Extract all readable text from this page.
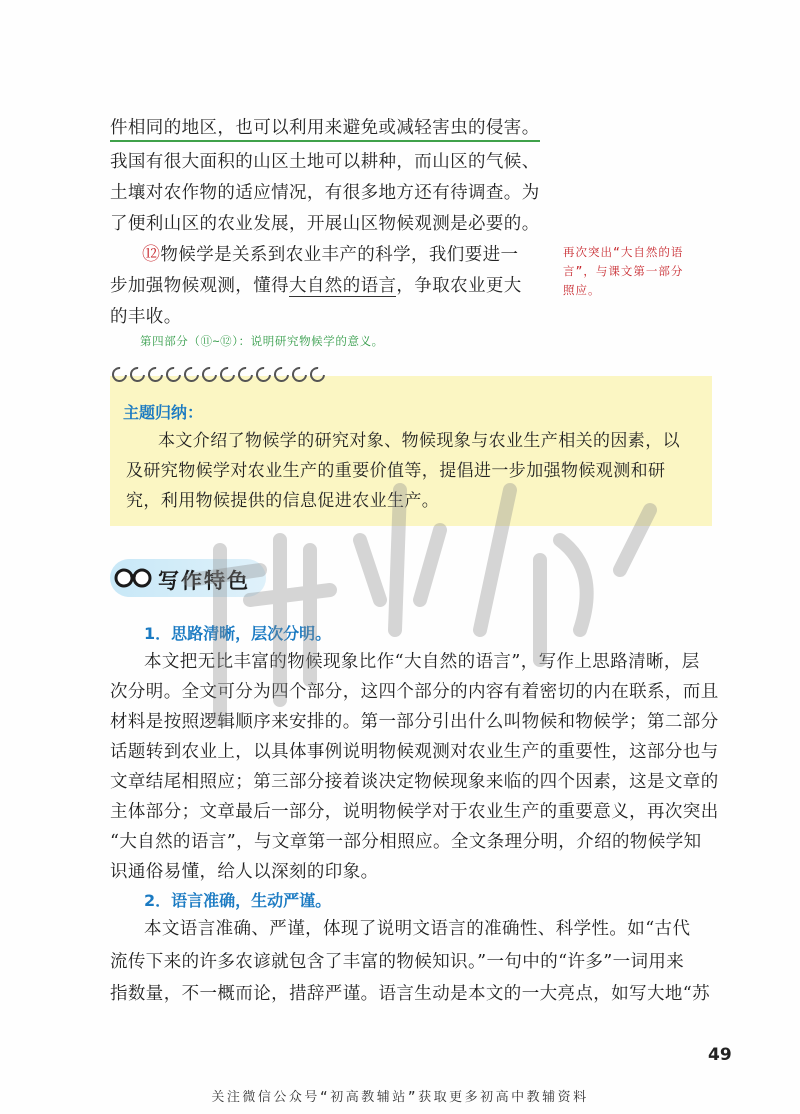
件相同的地区，也可以利用来避免或减轻害虫的侵害。
我国有很大面积的山区土地可以耕种，而山区的气候、
土壤对农作物的适应情况，有很多地方还有待调查。为
了便利山区的农业发展，开展山区物候观测是必要的。
⑫物候学是关系到农业丰产的科学，我们要进一
步加强物候观测，懂得大自然的语言，争取农业更大
的丰收。
再次突出“大自然的语
言”，与课文第一部分
照应。
第四部分（⑪~⑫）：说明研究物候学的意义。
主题归纳：
本文介绍了物候学的研究对象、物候现象与农业生产相关的因素，以
及研究物候学对农业生产的重要价值等，提倡进一步加强物候观测和研
究，利用物候提供的信息促进农业生产。
写作特色
1．思路清晰，层次分明。
本文把无比丰富的物候现象比作“大自然的语言”，写作上思路清晰，层
次分明。全文可分为四个部分，这四个部分的内容有着密切的内在联系，而且
材料是按照逻辑顺序来安排的。第一部分引出什么叫物候和物候学；第二部分
话题转到农业上，以具体事例说明物候观测对农业生产的重要性，这部分也与
文章结尾相照应；第三部分接着谈决定物候现象来临的四个因素，这是文章的
主体部分；文章最后一部分，说明物候学对于农业生产的重要意义，再次突出
“大自然的语言”，与文章第一部分相照应。全文条理分明，介绍的物候学知
识通俗易懂，给人以深刻的印象。
2．语言准确，生动严谨。
本文语言准确、严谨，体现了说明文语言的准确性、科学性。如“古代
流传下来的许多农谚就包含了丰富的物候知识。”一句中的“许多”一词用来
指数量，不一概而论，措辞严谨。语言生动是本文的一大亮点，如写大地“苏
49
关注微信公众号“初高教辅站”获取更多初高中教辅资料
